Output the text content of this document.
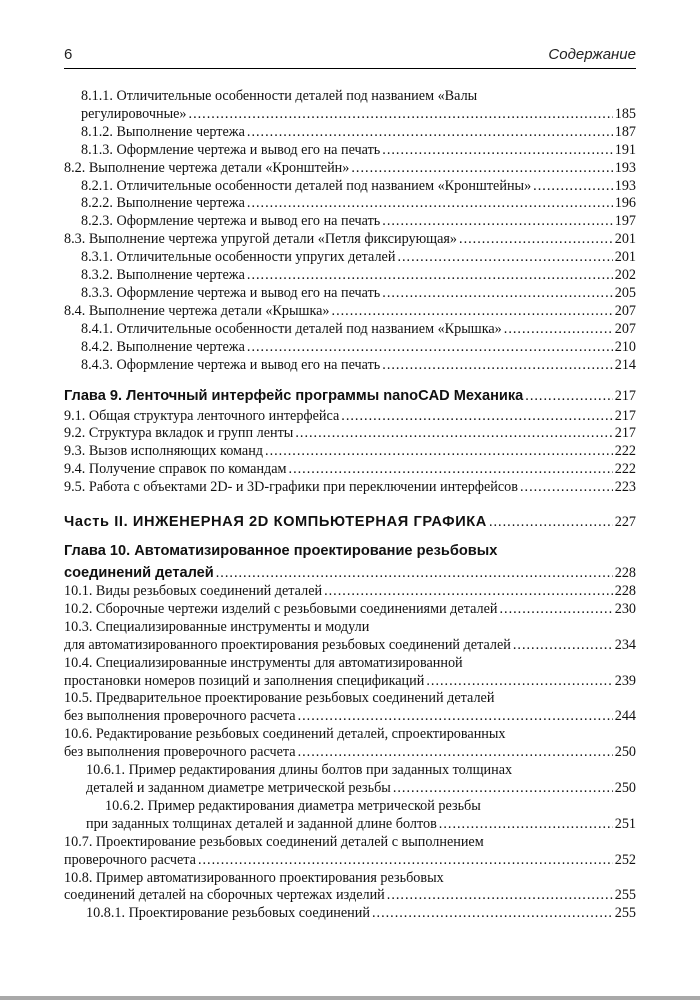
6	Содержание
8.1.1. Отличительные особенности деталей под названием «Валы
регулировочные» .....	185
8.1.2. Выполнение чертежа .....	187
8.1.3. Оформление чертежа и вывод его на печать .....	191
8.2. Выполнение чертежа детали «Кронштейн» .....	193
8.2.1. Отличительные особенности деталей под названием «Кронштейны» .....	193
8.2.2. Выполнение чертежа .....	196
8.2.3. Оформление чертежа и вывод его на печать .....	197
8.3. Выполнение чертежа упругой детали «Петля фиксирующая» .....	201
8.3.1. Отличительные особенности упругих деталей .....	201
8.3.2. Выполнение чертежа .....	202
8.3.3. Оформление чертежа и вывод его на печать .....	205
8.4. Выполнение чертежа детали «Крышка» .....	207
8.4.1. Отличительные особенности деталей под названием «Крышка» .....	207
8.4.2. Выполнение чертежа .....	210
8.4.3. Оформление чертежа и вывод его на печать .....	214
Глава 9. Ленточный интерфейс программы nanoCAD Механика .....	217
9.1. Общая структура ленточного интерфейса .....	217
9.2. Структура вкладок и групп ленты .....	217
9.3. Вызов исполняющих команд .....	222
9.4. Получение справок по командам .....	222
9.5. Работа с объектами 2D- и 3D-графики при переключении интерфейсов .....	223
Часть II. ИНЖЕНЕРНАЯ 2D КОМПЬЮТЕРНАЯ ГРАФИКА .....	227
Глава 10. Автоматизированное проектирование резьбовых
соединений деталей .....	228
10.1. Виды резьбовых соединений деталей .....	228
10.2. Сборочные чертежи изделий с резьбовыми соединениями деталей .....	230
10.3. Специализированные инструменты и модули
для автоматизированного проектирования резьбовых соединений деталей .....	234
10.4. Специализированные инструменты для автоматизированной
простановки номеров позиций и заполнения спецификаций .....	239
10.5. Предварительное проектирование резьбовых соединений деталей
без выполнения проверочного расчета .....	244
10.6. Редактирование резьбовых соединений деталей, спроектированных
без выполнения проверочного расчета .....	250
10.6.1. Пример редактирования длины болтов при заданных толщинах
деталей и заданном диаметре метрической резьбы .....	250
10.6.2. Пример редактирования диаметра метрической резьбы
при заданных толщинах деталей и заданной длине болтов .....	251
10.7. Проектирование резьбовых соединений деталей с выполнением
проверочного расчета .....	252
10.8. Пример автоматизированного проектирования резьбовых
соединений деталей на сборочных чертежах изделий .....	255
10.8.1. Проектирование резьбовых соединений .....	255
